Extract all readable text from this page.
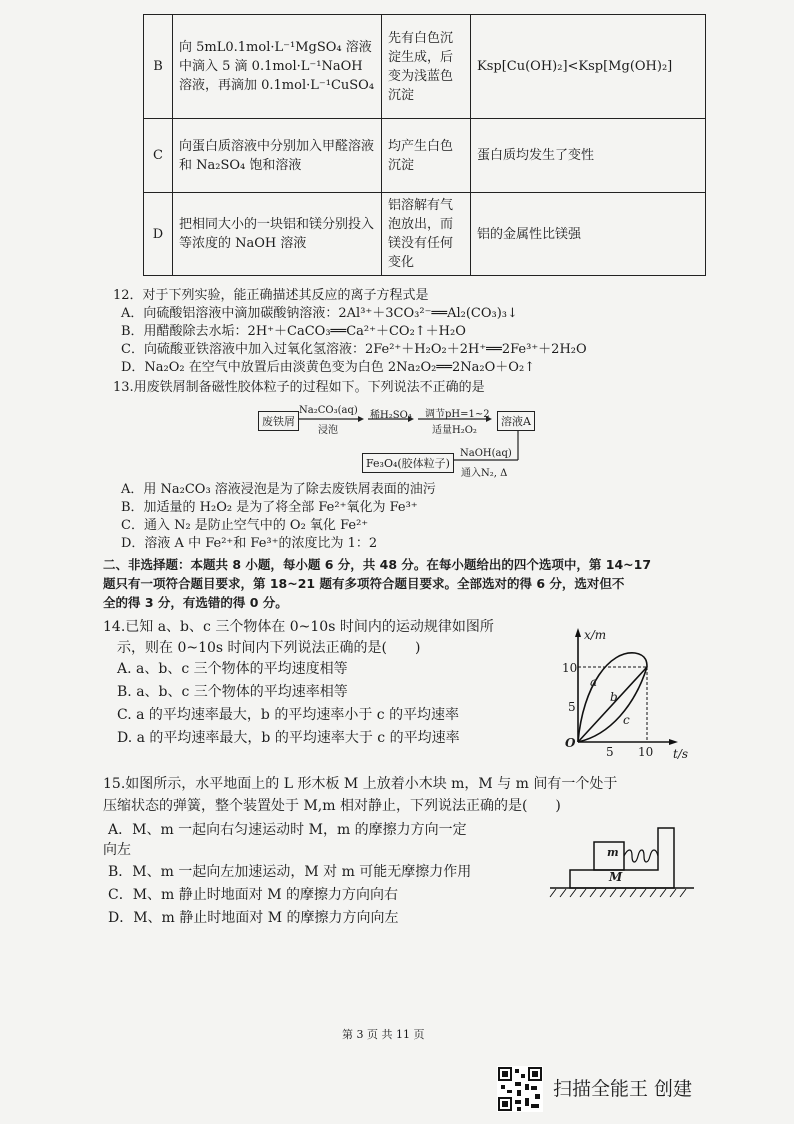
B	向 5mL0.1mol·L⁻¹MgSO₄ 溶液中滴入 5 滴 0.1mol·L⁻¹NaOH 溶液，再滴加 0.1mol·L⁻¹CuSO₄	先有白色沉淀生成，后变为浅蓝色沉淀	Ksp[Cu(OH)₂]<Ksp[Mg(OH)₂]
C	向蛋白质溶液中分别加入甲醛溶液和 Na₂SO₄ 饱和溶液	均产生白色沉淀	蛋白质均发生了变性
D	把相同大小的一块铝和镁分别投入等浓度的 NaOH 溶液	铝溶解有气泡放出，而镁没有任何变化	铝的金属性比镁强
12．对于下列实验，能正确描述其反应的离子方程式是
A．向硫酸铝溶液中滴加碳酸钠溶液：2Al³⁺＋3CO₃²⁻══Al₂(CO₃)₃↓
B．用醋酸除去水垢：2H⁺＋CaCO₃══Ca²⁺＋CO₂↑＋H₂O
C．向硫酸亚铁溶液中加入过氧化氢溶液：2Fe²⁺＋H₂O₂＋2H⁺══2Fe³⁺＋2H₂O
D．Na₂O₂ 在空气中放置后由淡黄色变为白色 2Na₂O₂══2Na₂O＋O₂↑
13.用废铁屑制备磁性胶体粒子的过程如下。下列说法不正确的是
废铁屑
Na₂CO₃(aq)
浸泡
稀H₂SO₄ 调节pH=1~2
适量H₂O₂
溶液A
NaOH(aq)
通入N₂, Δ
Fe₃O₄(胶体粒子)
A．用 Na₂CO₃ 溶液浸泡是为了除去废铁屑表面的油污
B．加适量的 H₂O₂ 是为了将全部 Fe²⁺氧化为 Fe³⁺
C．通入 N₂ 是防止空气中的 O₂ 氧化 Fe²⁺
D．溶液 A 中 Fe²⁺和 Fe³⁺的浓度比为 1：2
二、非选择题：本题共 8 小题，每小题 6 分，共 48 分。在每小题给出的四个选项中，第 14~17
题只有一项符合题目要求，第 18~21 题有多项符合题目要求。全部选对的得 6 分，选对但不
全的得 3 分，有选错的得 0 分。
14.已知 a、b、c 三个物体在 0~10s 时间内的运动规律如图所
示，则在 0~10s 时间内下列说法正确的是(　　)
A. a、b、c 三个物体的平均速度相等
B. a、b、c 三个物体的平均速率相等
C. a 的平均速率最大，b 的平均速率小于 c 的平均速率
D. a 的平均速率最大，b 的平均速率大于 c 的平均速率
x/m
t/s
O
10
5
5 10
a
b
c
15.如图所示，水平地面上的 L 形木板 M 上放着小木块 m，M 与 m 间有一个处于
压缩状态的弹簧，整个装置处于 M,m 相对静止，下列说法正确的是(　　)
A．M、m 一起向右匀速运动时 M，m 的摩擦力方向一定
向左
B．M、m 一起向左加速运动，M 对 m 可能无摩擦力作用
C．M、m 静止时地面对 M 的摩擦力方向向右
D．M、m 静止时地面对 M 的摩擦力方向向左
m
M
第 3 页 共 11 页
扫描全能王 创建
